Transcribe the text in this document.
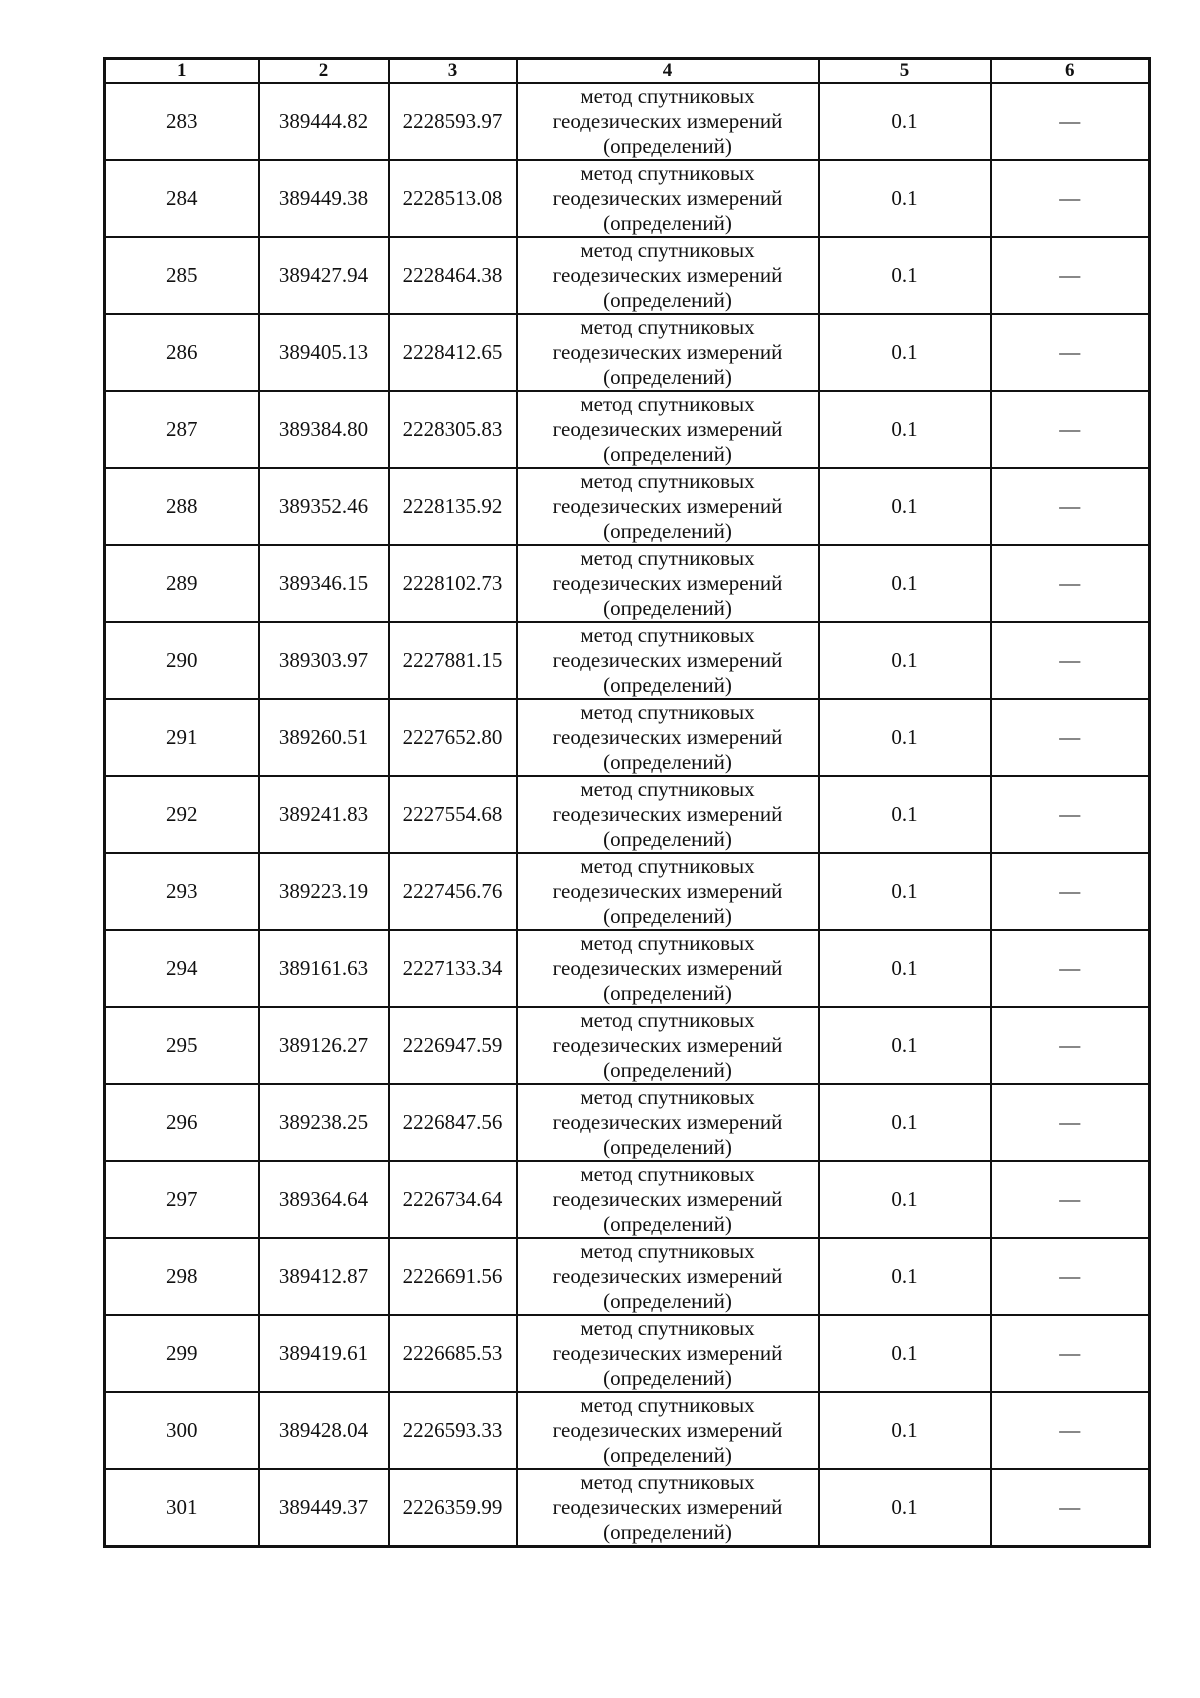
1	2	3	4	5	6
283	389444.82	2228593.97	метод спутниковых
геодезических измерений
(определений)	0.1	—
284	389449.38	2228513.08	метод спутниковых
геодезических измерений
(определений)	0.1	—
285	389427.94	2228464.38	метод спутниковых
геодезических измерений
(определений)	0.1	—
286	389405.13	2228412.65	метод спутниковых
геодезических измерений
(определений)	0.1	—
287	389384.80	2228305.83	метод спутниковых
геодезических измерений
(определений)	0.1	—
288	389352.46	2228135.92	метод спутниковых
геодезических измерений
(определений)	0.1	—
289	389346.15	2228102.73	метод спутниковых
геодезических измерений
(определений)	0.1	—
290	389303.97	2227881.15	метод спутниковых
геодезических измерений
(определений)	0.1	—
291	389260.51	2227652.80	метод спутниковых
геодезических измерений
(определений)	0.1	—
292	389241.83	2227554.68	метод спутниковых
геодезических измерений
(определений)	0.1	—
293	389223.19	2227456.76	метод спутниковых
геодезических измерений
(определений)	0.1	—
294	389161.63	2227133.34	метод спутниковых
геодезических измерений
(определений)	0.1	—
295	389126.27	2226947.59	метод спутниковых
геодезических измерений
(определений)	0.1	—
296	389238.25	2226847.56	метод спутниковых
геодезических измерений
(определений)	0.1	—
297	389364.64	2226734.64	метод спутниковых
геодезических измерений
(определений)	0.1	—
298	389412.87	2226691.56	метод спутниковых
геодезических измерений
(определений)	0.1	—
299	389419.61	2226685.53	метод спутниковых
геодезических измерений
(определений)	0.1	—
300	389428.04	2226593.33	метод спутниковых
геодезических измерений
(определений)	0.1	—
301	389449.37	2226359.99	метод спутниковых
геодезических измерений
(определений)	0.1	—
